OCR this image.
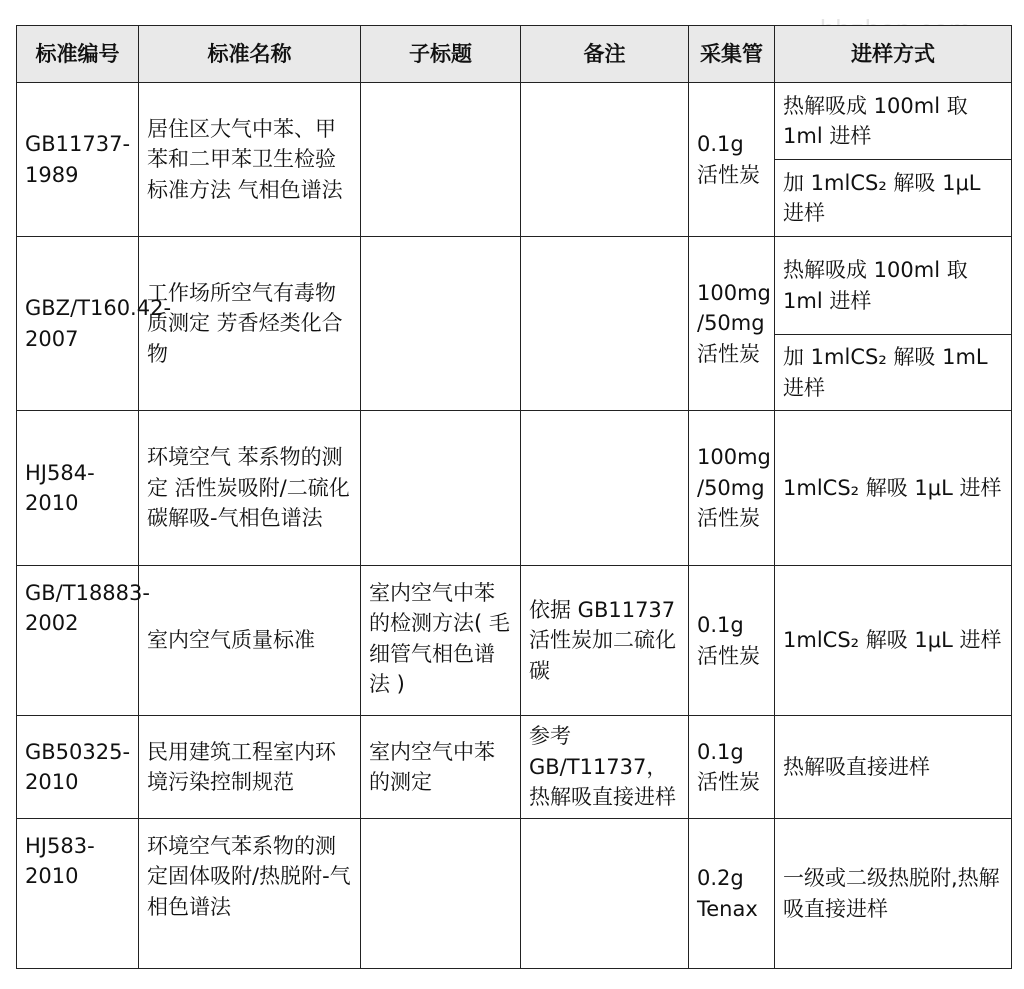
标准编号	标准名称	子标题	备注	采集管	进样方式
GB11737-1989	居住区大气中苯、甲苯和二甲苯卫生检验标准方法 气相色谱法			0.1g 活性炭	热解吸成 100ml 取 1ml 进样
					加 1mlCS₂ 解吸 1μL 进样
GBZ/T160.42-2007	工作场所空气有毒物质测定 芳香烃类化合物			100mg /50mg 活性炭	热解吸成 100ml 取 1ml 进样
					加 1mlCS₂ 解吸 1mL 进样
HJ584-2010	环境空气 苯系物的测定 活性炭吸附/二硫化碳解吸-气相色谱法			100mg /50mg 活性炭	1mlCS₂ 解吸 1μL 进样
GB/T18883-2002	室内空气质量标准	室内空气中苯的检测方法( 毛细管气相色谱法 )	依据 GB11737 活性炭加二硫化碳	0.1g 活性炭	1mlCS₂ 解吸 1μL 进样
GB50325-2010	民用建筑工程室内环境污染控制规范	室内空气中苯的测定	参考 GB/T11737，热解吸直接进样	0.1g 活性炭	热解吸直接进样
HJ583-2010	环境空气苯系物的测定固体吸附/热脱附-气相色谱法			0.2g Tenax	一级或二级热脱附,热解吸直接进样
